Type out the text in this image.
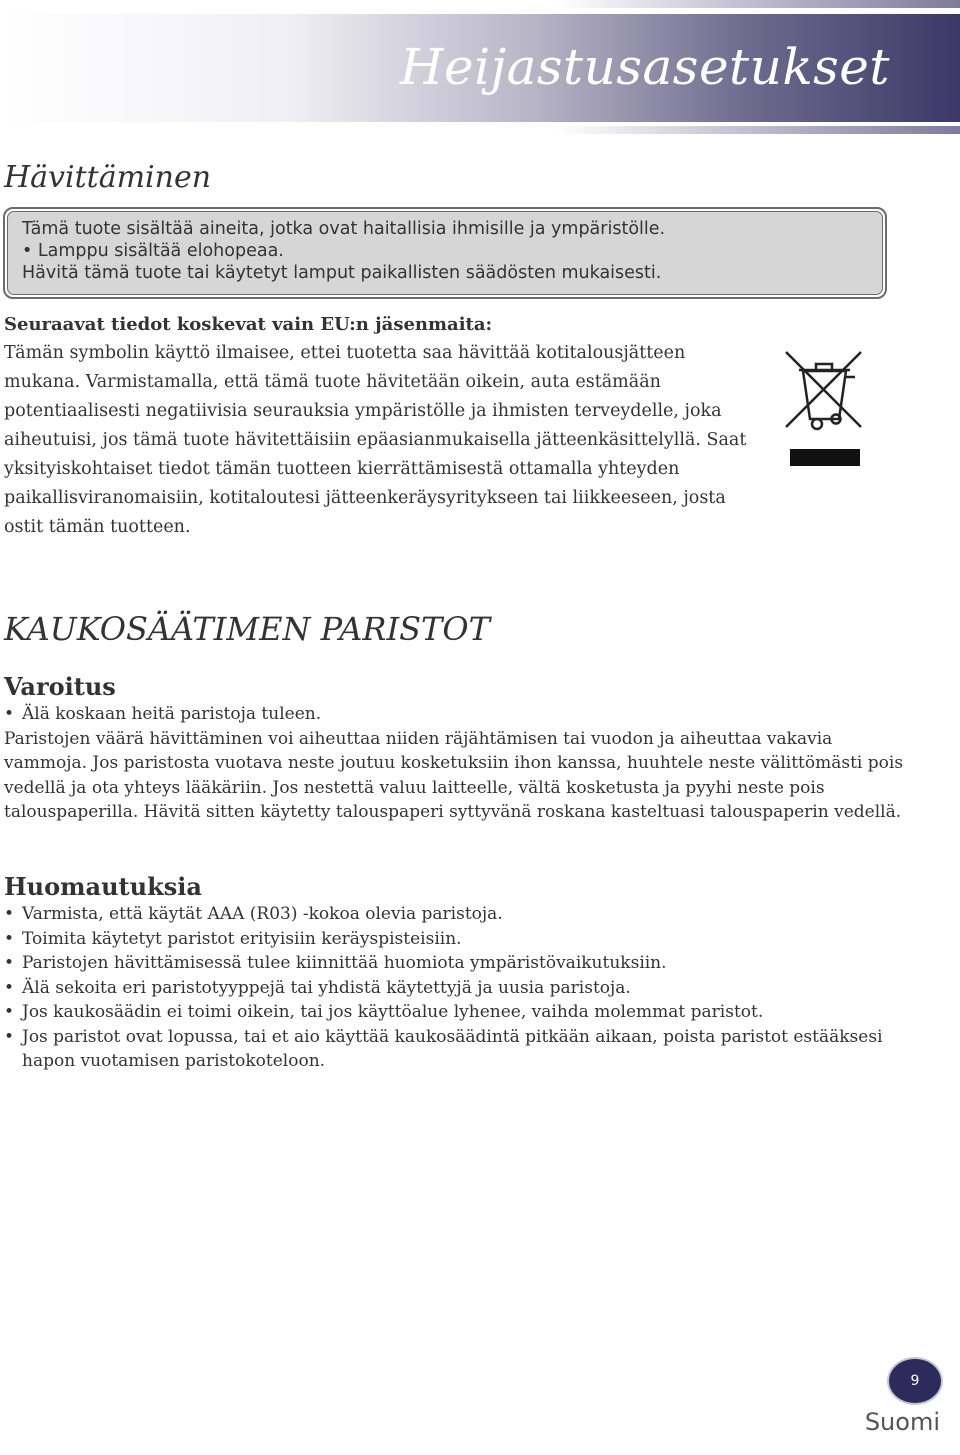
Heijastusasetukset
Hävittäminen
Tämä tuote sisältää aineita, jotka ovat haitallisia ihmisille ja ympäristölle.
• Lamppu sisältää elohopeaa.
Hävitä tämä tuote tai käytetyt lamput paikallisten säädösten mukaisesti.
Seuraavat tiedot koskevat vain EU:n jäsenmaita:
Tämän symbolin käyttö ilmaisee, ettei tuotetta saa hävittää kotitalousjätteen mukana. Varmistamalla, että tämä tuote hävitetään oikein, auta estämään potentiaalisesti negatiivisia seurauksia ympäristölle ja ihmisten terveydelle, joka aiheutuisi, jos tämä tuote hävitettäisiin epäasianmukaisella jätteenkäsittelyllä. Saat yksityiskohtaiset tiedot tämän tuotteen kierrättämisestä ottamalla yhteyden paikallisviranomaisiin, kotitaloutesi jätteenkeräysyritykseen tai liikkeeseen, josta ostit tämän tuotteen.
KAUKOSÄÄTIMEN PARISTOT
Varoitus
• Älä koskaan heitä paristoja tuleen.
Paristojen väärä hävittäminen voi aiheuttaa niiden räjähtämisen tai vuodon ja aiheuttaa vakavia vammoja. Jos paristosta vuotava neste joutuu kosketuksiin ihon kanssa, huuhtele neste välittömästi pois vedellä ja ota yhteys lääkäriin. Jos nestettä valuu laitteelle, vältä kosketusta ja pyyhi neste pois talouspaperilla. Hävitä sitten käytetty talouspaperi syttyvänä roskana kasteltuasi talouspaperin vedellä.
Huomautuksia
• Varmista, että käytät AAA (R03) -kokoa olevia paristoja.
• Toimita käytetyt paristot erityisiin keräyspisteisiin.
• Paristojen hävittämisessä tulee kiinnittää huomiota ympäristövaikutuksiin.
• Älä sekoita eri paristotyyppejä tai yhdistä käytettyjä ja uusia paristoja.
• Jos kaukosäädin ei toimi oikein, tai jos käyttöalue lyhenee, vaihda molemmat paristot.
• Jos paristot ovat lopussa, tai et aio käyttää kaukosäädintä pitkään aikaan, poista paristot estääksesi hapon vuotamisen paristokoteloon.
9
Suomi
